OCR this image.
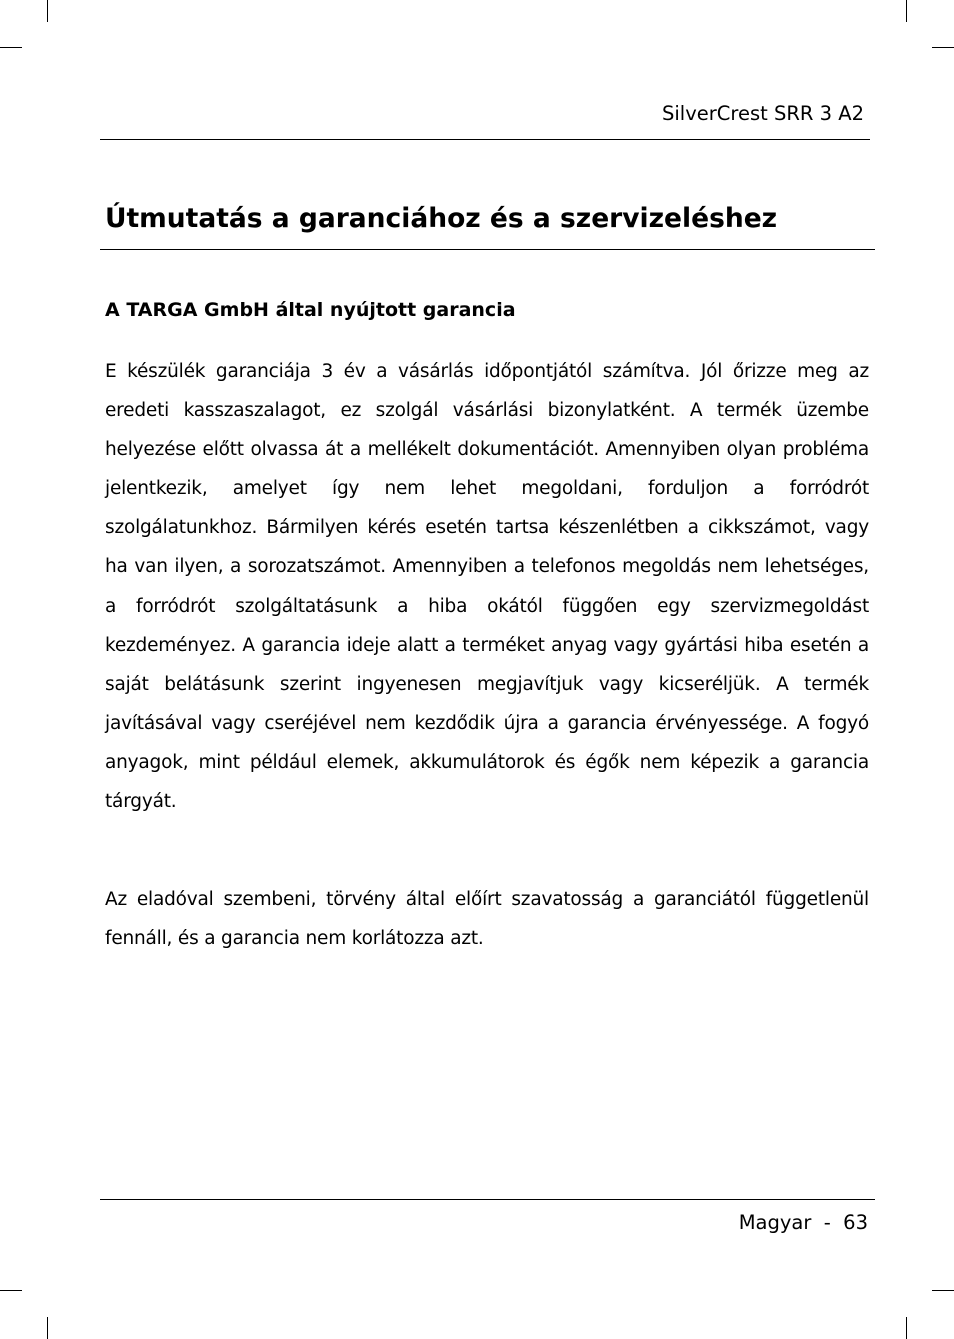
SilverCrest SRR 3 A2
Útmutatás a garanciához és a szervizeléshez
A TARGA GmbH által nyújtott garancia

E készülék garanciája 3 év a vásárlás időpontjától számítva. Jól őrizze meg az eredeti kasszaszalagot, ez szolgál vásárlási bizonylatként. A termék üzembe helyezése előtt olvassa át a mellékelt dokumentációt. Amennyiben olyan probléma jelentkezik, amelyet így nem lehet megoldani, forduljon a forródrót szolgálatunkhoz. Bármilyen kérés esetén tartsa készenlétben a cikkszámot, vagy ha van ilyen, a sorozatszámot. Amennyiben a telefonos megoldás nem lehetséges, a forródrót szolgáltatásunk a hiba okától függően egy szervizmegoldást kezdeményez. A garancia ideje alatt a terméket anyag vagy gyártási hiba esetén a saját belátásunk szerint ingyenesen megjavítjuk vagy kicseréljük. A termék javításával vagy cseréjével nem kezdődik újra a garancia érvényessége. A fogyó anyagok, mint például elemek, akkumulátorok és égők nem képezik a garancia tárgyát.

Az eladóval szembeni, törvény által előírt szavatosság a garanciától függetlenül fennáll, és a garancia nem korlátozza azt.

Magyar  -  63
